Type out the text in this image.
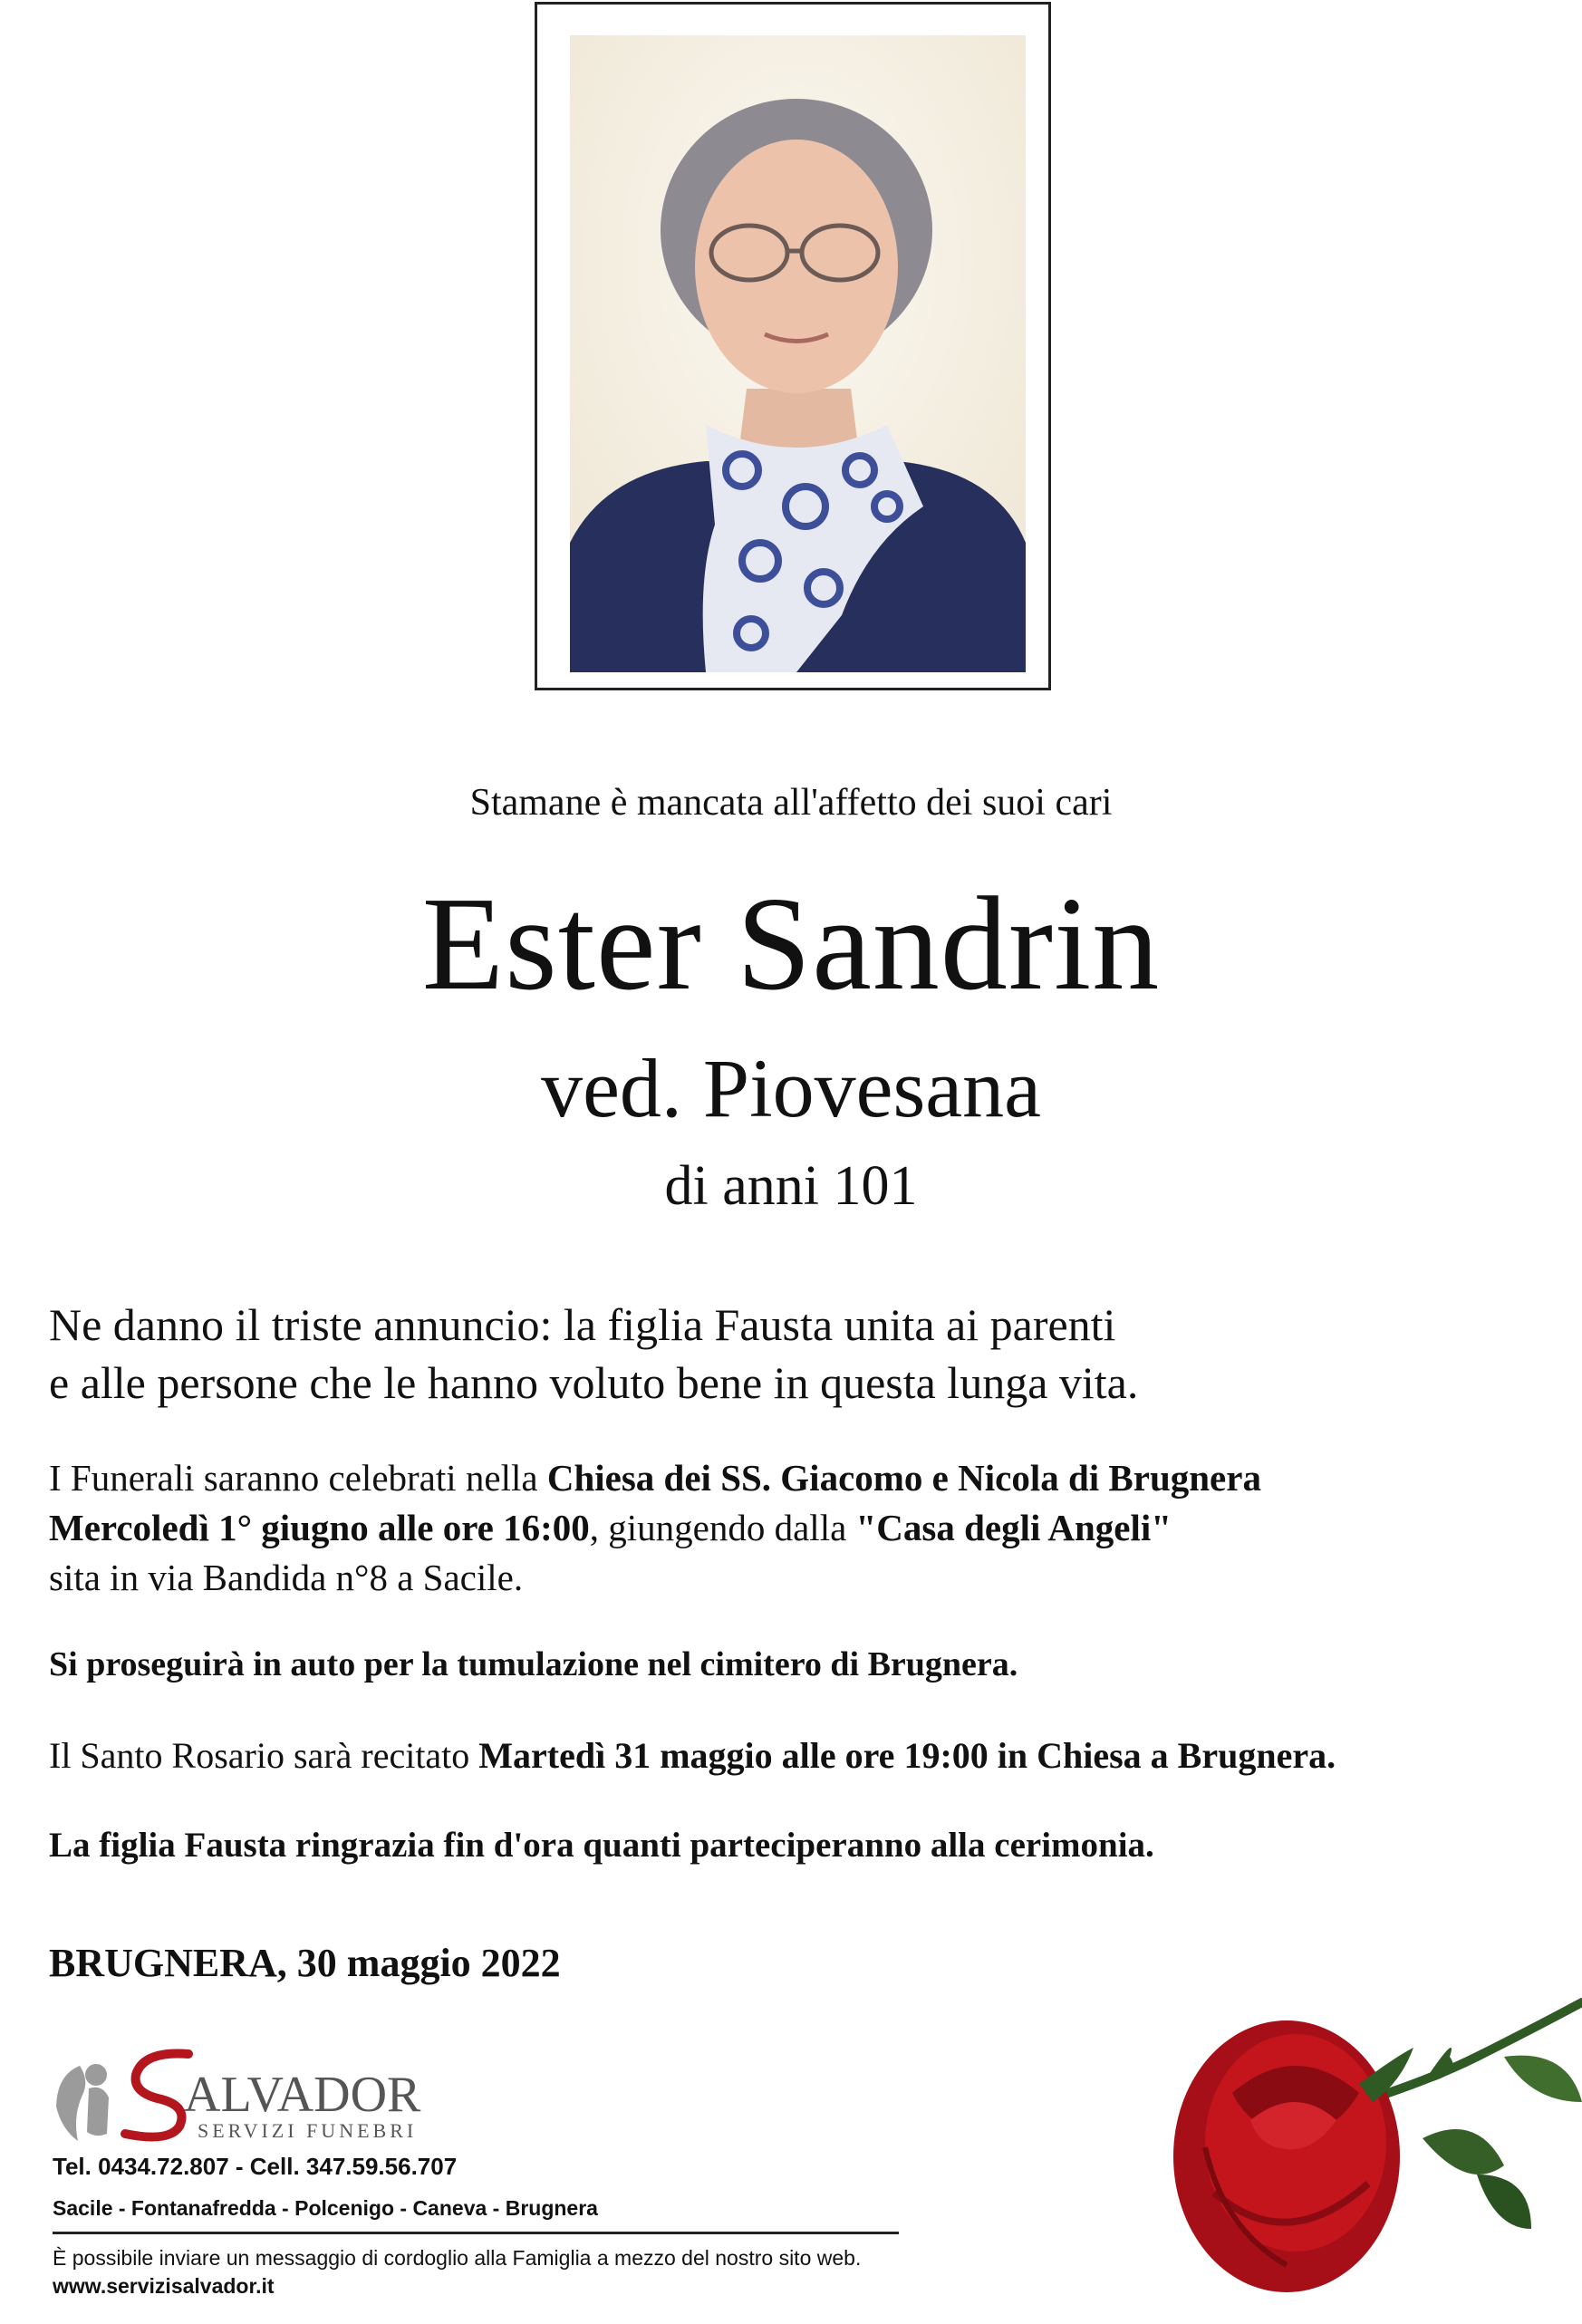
Stamane è mancata all'affetto dei suoi cari
Ester Sandrin
ved. Piovesana
di anni 101
Ne danno il triste annuncio: la figlia Fausta unita ai parenti
e alle persone che le hanno voluto bene in questa lunga vita.
I Funerali saranno celebrati nella Chiesa dei SS. Giacomo e Nicola di Brugnera
Mercoledì 1° giugno alle ore 16:00, giungendo dalla "Casa degli Angeli"
sita in via Bandida n°8 a Sacile.
Si proseguirà in auto per la tumulazione nel cimitero di Brugnera.
Il Santo Rosario sarà recitato Martedì 31 maggio alle ore 19:00 in Chiesa a Brugnera.
La figlia Fausta ringrazia fin d'ora quanti parteciperanno alla cerimonia.
BRUGNERA, 30 maggio 2022
ALVADOR
SERVIZI FUNEBRI
Tel. 0434.72.807 - Cell. 347.59.56.707
Sacile - Fontanafredda - Polcenigo - Caneva - Brugnera
È possibile inviare un messaggio di cordoglio alla Famiglia a mezzo del nostro sito web.
www.servizisalvador.it
